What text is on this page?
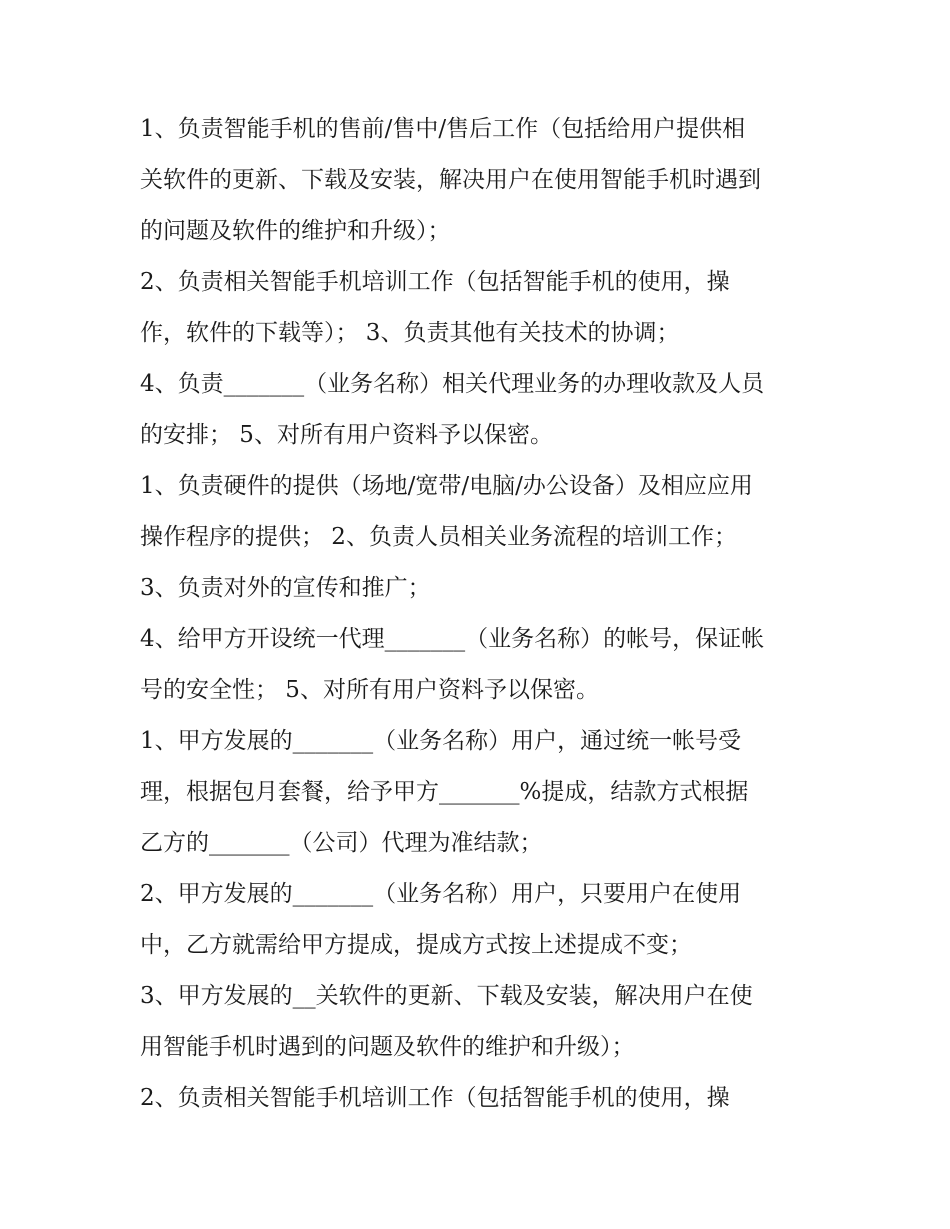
1、负责智能手机的售前/售中/售后工作（包括给用户提供相
关软件的更新、下载及安装，解决用户在使用智能手机时遇到
的问题及软件的维护和升级）；
2、负责相关智能手机培训工作（包括智能手机的使用，操
作，软件的下载等）； 3、负责其他有关技术的协调；
4、负责_______（业务名称）相关代理业务的办理收款及人员
的安排； 5、对所有用户资料予以保密。
1、负责硬件的提供（场地/宽带/电脑/办公设备）及相应应用
操作程序的提供； 2、负责人员相关业务流程的培训工作；
3、负责对外的宣传和推广；
4、给甲方开设统一代理_______（业务名称）的帐号，保证帐
号的安全性； 5、对所有用户资料予以保密。
1、甲方发展的_______（业务名称）用户，通过统一帐号受
理，根据包月套餐，给予甲方_______%提成，结款方式根据
乙方的_______（公司）代理为准结款；
2、甲方发展的_______（业务名称）用户，只要用户在使用
中，乙方就需给甲方提成，提成方式按上述提成不变；
3、甲方发展的__关软件的更新、下载及安装，解决用户在使
用智能手机时遇到的问题及软件的维护和升级）；
2、负责相关智能手机培训工作（包括智能手机的使用，操
